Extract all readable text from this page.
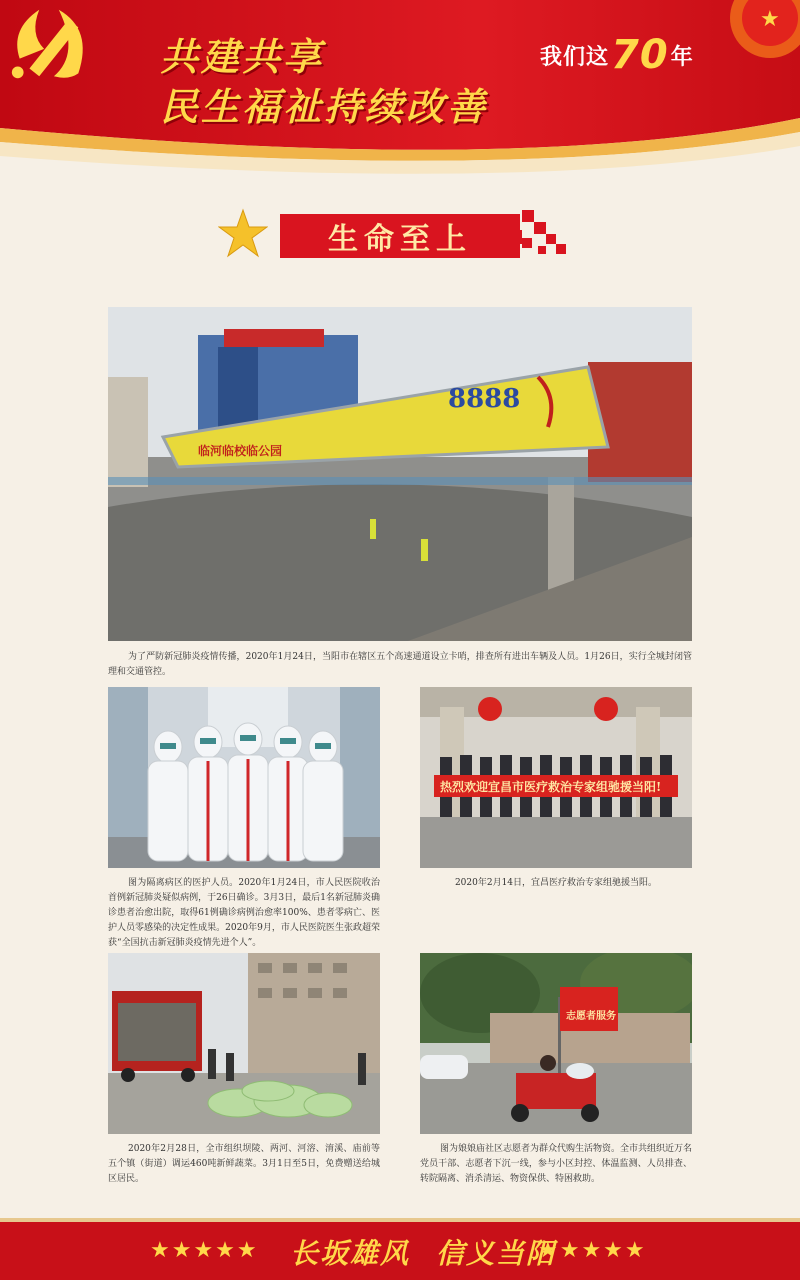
★
共建共享
民生福祉持续改善
我们这 70 年
生命至上
8888
临河临校临公园
为了严防新冠肺炎疫情传播，2020年1月24日，当阳市在辖区五个高速通道设立卡哨，排查所有进出车辆及人员。1月26日，实行全城封闭管理和交通管控。
图为隔离病区的医护人员。2020年1月24日，市人民医院收治首例新冠肺炎疑似病例，于26日确诊。3月3日，最后1名新冠肺炎确诊患者治愈出院，取得61例确诊病例治愈率100%、患者零病亡、医护人员零感染的决定性成果。2020年9月，市人民医院医生张政超荣获“全国抗击新冠肺炎疫情先进个人”。
热烈欢迎宜昌市医疗救治专家组驰援当阳!
2020年2月14日，宜昌医疗救治专家组驰援当阳。
2020年2月28日，全市组织坝陵、两河、河溶、淯溪、庙前等五个镇（街道）调运460吨新鲜蔬菜。3月1日至5日，免费赠送给城区居民。
志愿者服务
图为娘娘庙社区志愿者为群众代购生活物资。全市共组织近万名党员干部、志愿者下沉一线，参与小区封控、体温监测、人员排查、转院隔离、消杀清运、物资保供、特困救助。
★★★★★ 长坂雄风 信义当阳
★★★★★
